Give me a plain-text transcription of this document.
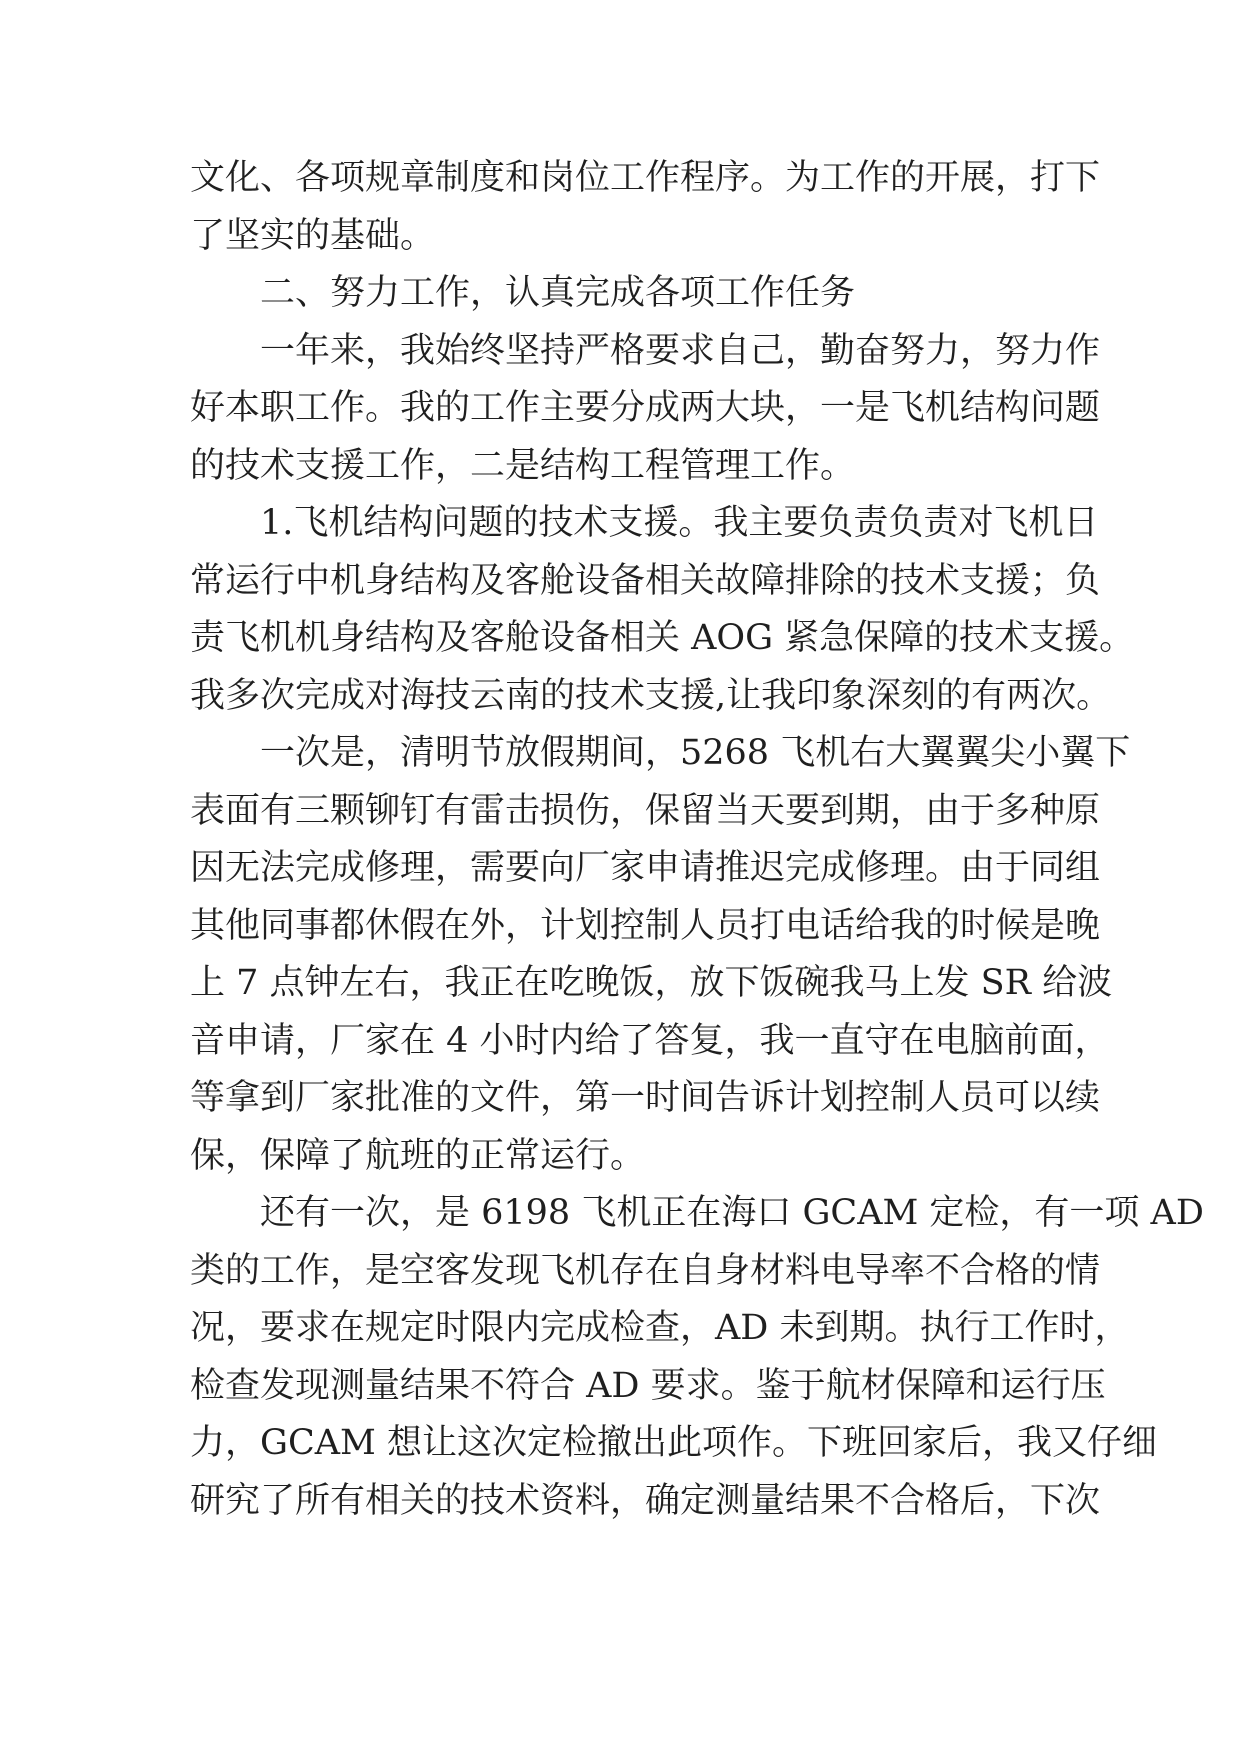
文化、各项规章制度和岗位工作程序。为工作的开展，打下
了坚实的基础。
二、努力工作，认真完成各项工作任务
一年来，我始终坚持严格要求自己，勤奋努力，努力作
好本职工作。我的工作主要分成两大块，一是飞机结构问题
的技术支援工作，二是结构工程管理工作。
1.飞机结构问题的技术支援。我主要负责负责对飞机日
常运行中机身结构及客舱设备相关故障排除的技术支援；负
责飞机机身结构及客舱设备相关 AOG 紧急保障的技术支援。
我多次完成对海技云南的技术支援,让我印象深刻的有两次。
一次是，清明节放假期间，5268 飞机右大翼翼尖小翼下
表面有三颗铆钉有雷击损伤，保留当天要到期，由于多种原
因无法完成修理，需要向厂家申请推迟完成修理。由于同组
其他同事都休假在外，计划控制人员打电话给我的时候是晚
上 7 点钟左右，我正在吃晚饭，放下饭碗我马上发 SR 给波
音申请，厂家在 4 小时内给了答复，我一直守在电脑前面，
等拿到厂家批准的文件，第一时间告诉计划控制人员可以续
保，保障了航班的正常运行。
还有一次，是 6198 飞机正在海口 GCAM 定检，有一项 AD
类的工作，是空客发现飞机存在自身材料电导率不合格的情
况，要求在规定时限内完成检查，AD 未到期。执行工作时，
检查发现测量结果不符合 AD 要求。鉴于航材保障和运行压
力，GCAM 想让这次定检撤出此项作。下班回家后，我又仔细
研究了所有相关的技术资料，确定测量结果不合格后，下次
